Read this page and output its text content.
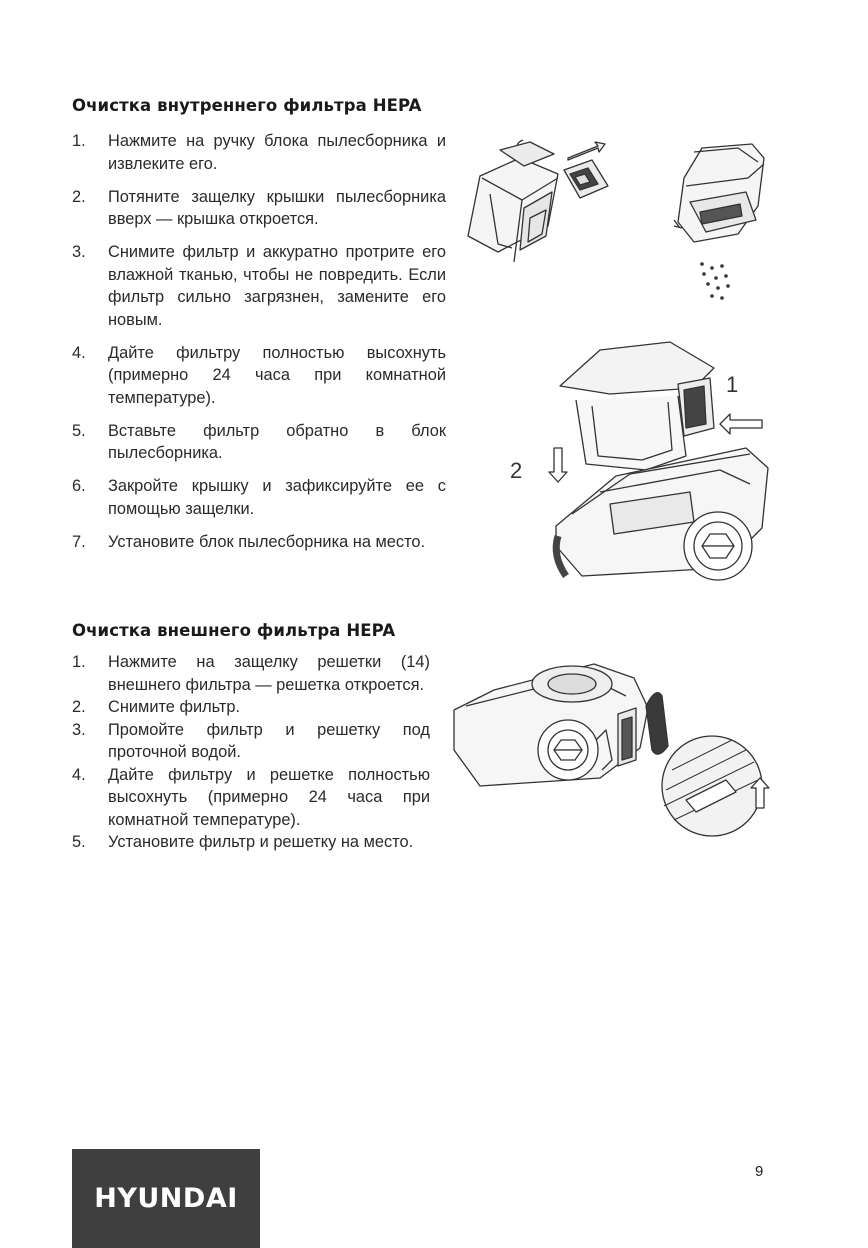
Очистка внутреннего фильтра HEPA
1. Нажмите на ручку блока пылесборника и извлеките его.
2. Потяните защелку крышки пылесборника вверх — крышка откроется.
3. Снимите фильтр и аккуратно протрите его влажной тканью, чтобы не повредить. Если фильтр сильно загрязнен, замените его новым.
4. Дайте фильтру полностью высохнуть (примерно 24 часа при комнатной температуре).
5. Вставьте фильтр обратно в блок пылесборника.
6. Закройте крышку и зафиксируйте ее с помощью защелки.
7. Установите блок пылесборника на место.
1
2
1. Нажмите на защелку решетки (14) внешнего фильтра — решетка откроется.
2. Снимите фильтр.
3. Промойте фильтр и решетку под проточной водой.
4. Дайте фильтру и решетке полностью высохнуть (примерно 24 часа при комнатной температуре).
5. Установите фильтр и решетку на место.
Очистка внешнего фильтра HEPA
HYUNDAI
9
